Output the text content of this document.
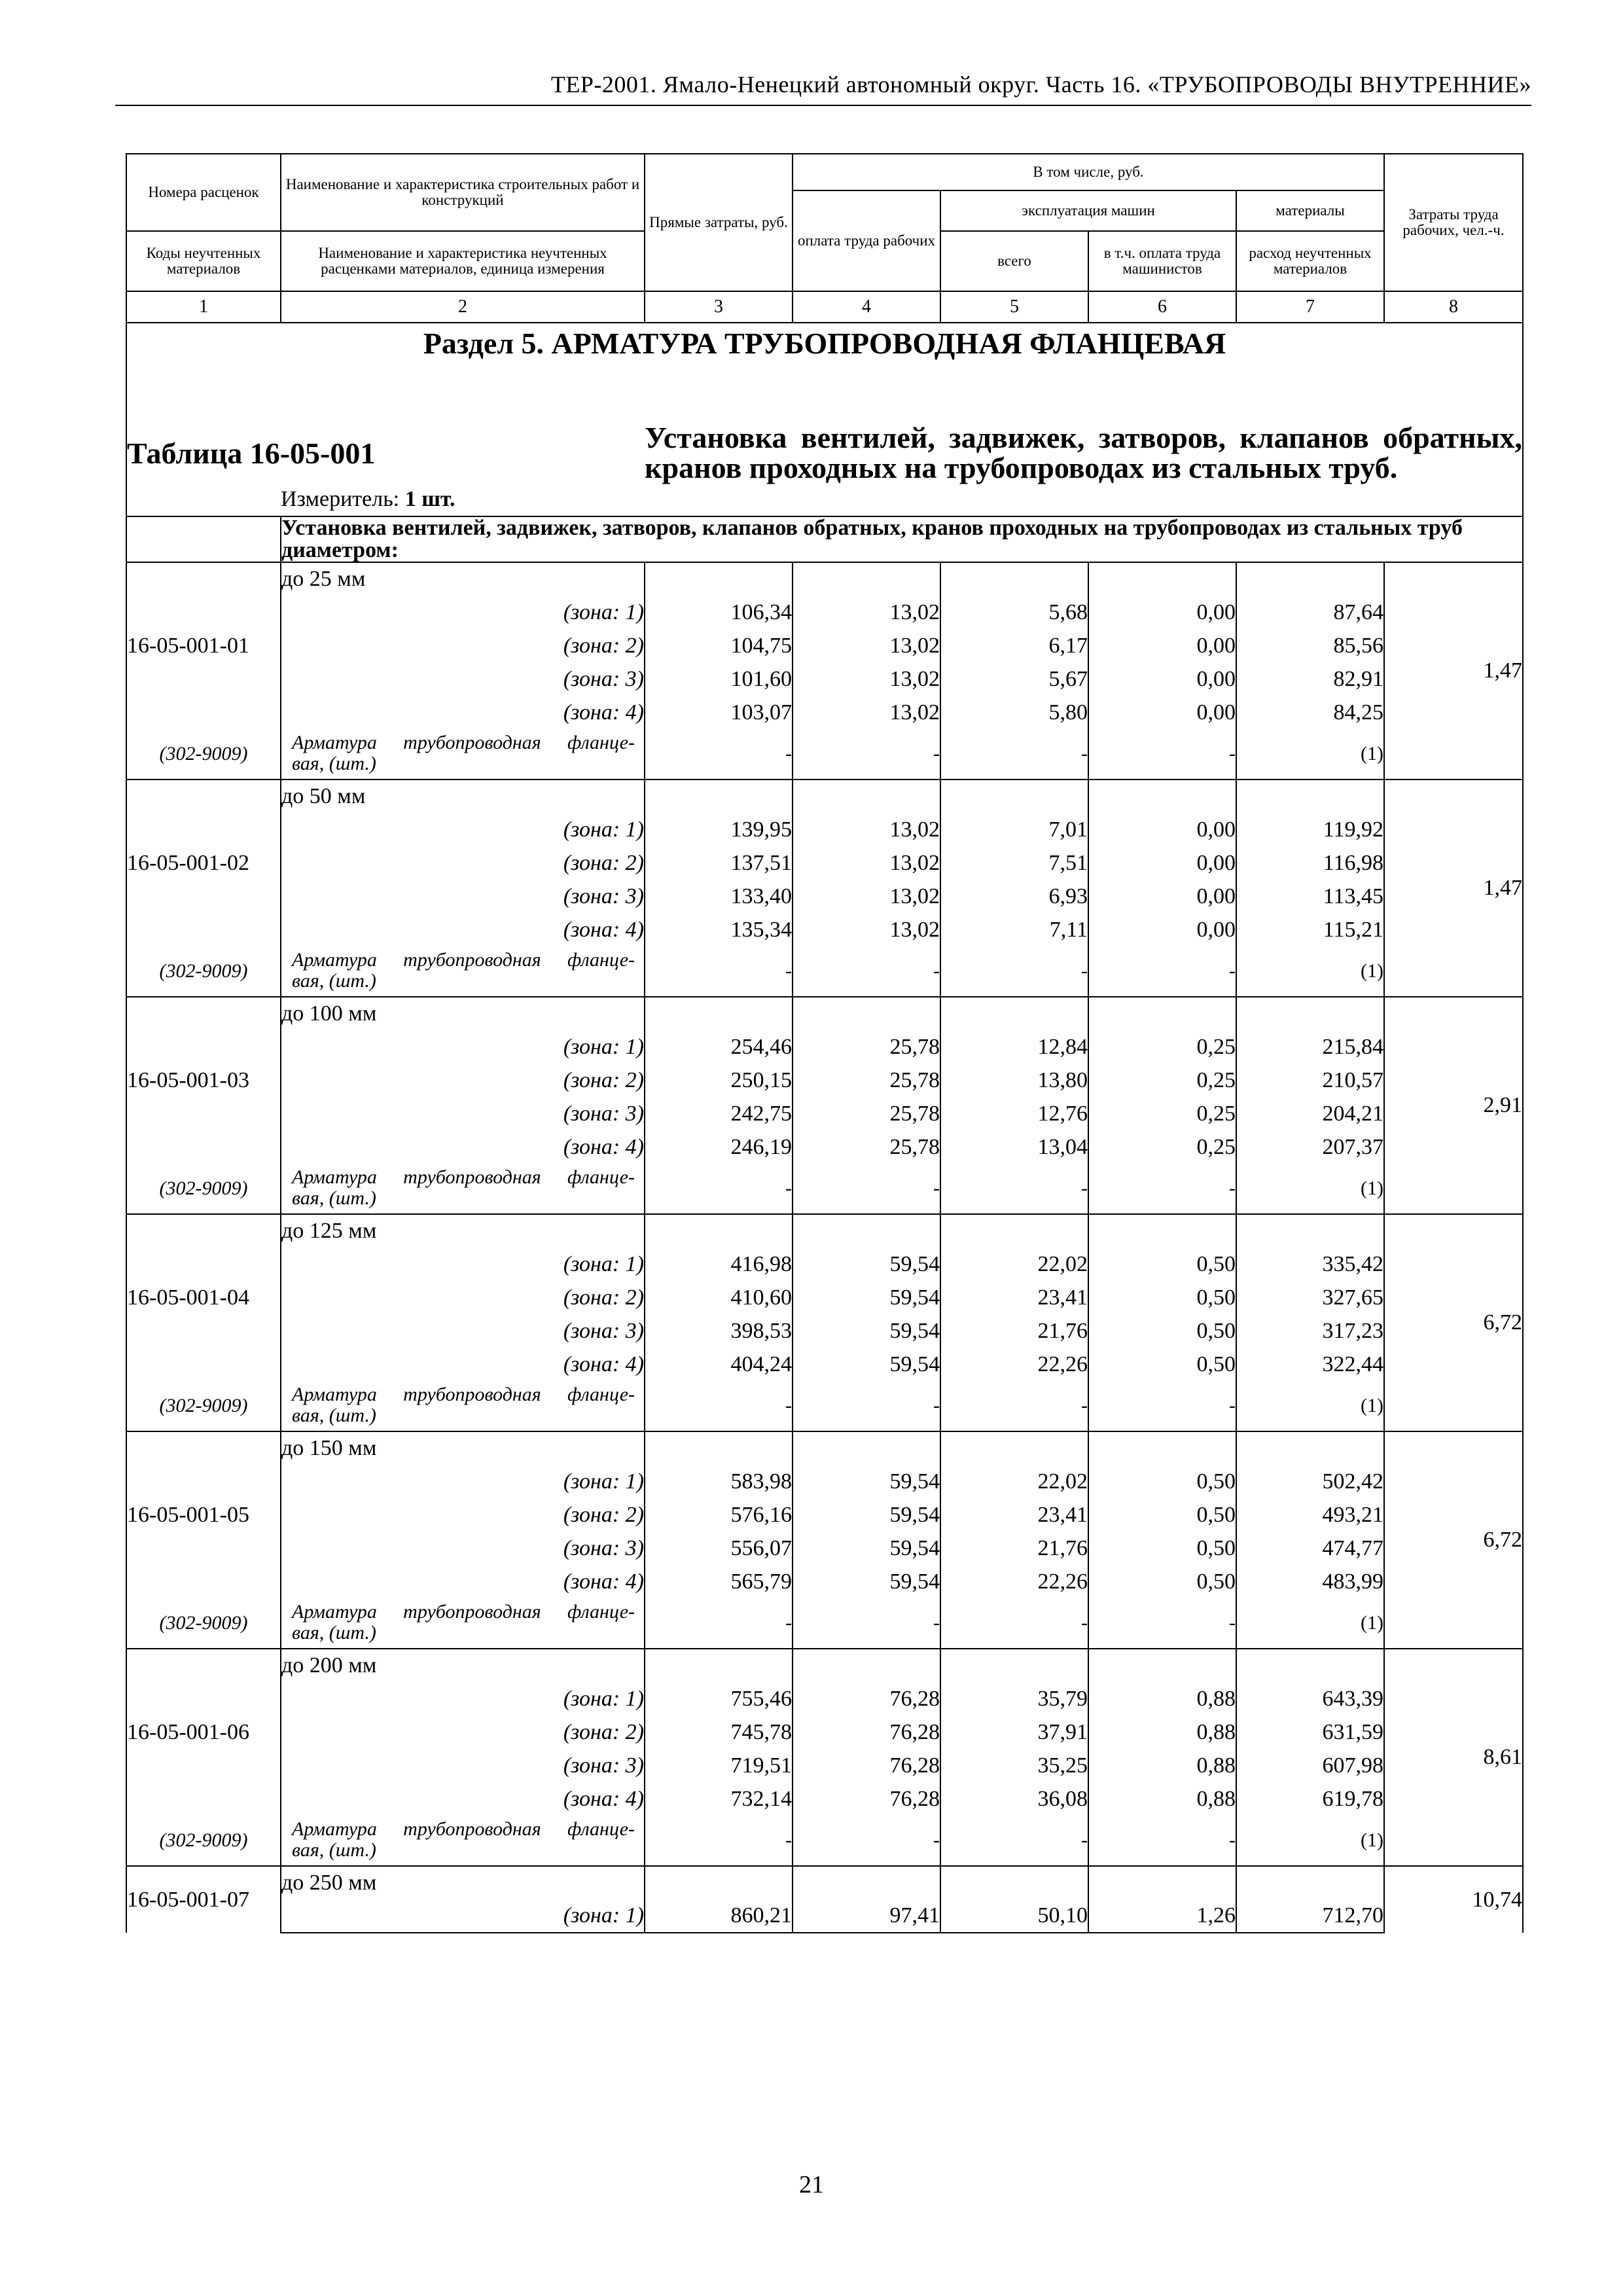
ТЕР-2001. Ямало-Ненецкий автономный округ. Часть 16. «ТРУБОПРОВОДЫ ВНУТРЕННИЕ»
Номера расценок	Наименование и характеристика строительных работ и конструкций	Прямые затраты, руб.	В том числе, руб.				Затраты труда рабочих, чел.-ч.
			оплата труда рабочих	эксплуатация машин		материалы	
Коды неучтенных материалов	Наименование и характеристика неучтенных расценками материалов, единица измерения			всего	в т.ч. оплата труда машинистов	расход неучтенных материалов	
1	2	3	4	5	6	7	8
Раздел 5. АРМАТУРА ТРУБОПРОВОДНАЯ ФЛАНЦЕВАЯ							

Таблица 16-05-001		Установка вентилей, задвижек, затворов, клапанов обратных, кранов проходных на трубопроводах из стальных труб.					
	Измеритель: 1 шт.						
	Установка вентилей, задвижек, затворов, клапанов обратных, кранов проходных на трубопроводах из стальных труб диаметром:						
16-05-001-01	до 25 мм						1,47
	(зона: 1)	106,34	13,02	5,68	0,00	87,64	
	(зона: 2)	104,75	13,02	6,17	0,00	85,56	
	(зона: 3)	101,60	13,02	5,67	0,00	82,91	
	(зона: 4)	103,07	13,02	5,80	0,00	84,25	
(302-9009)	Арматура трубопроводная фланце-
вая, (шт.)	-	-	-	-	(1)	
16-05-001-02	до 50 мм						1,47
	(зона: 1)	139,95	13,02	7,01	0,00	119,92	
	(зона: 2)	137,51	13,02	7,51	0,00	116,98	
	(зона: 3)	133,40	13,02	6,93	0,00	113,45	
	(зона: 4)	135,34	13,02	7,11	0,00	115,21	
(302-9009)	Арматура трубопроводная фланце-
вая, (шт.)	-	-	-	-	(1)	
16-05-001-03	до 100 мм						2,91
	(зона: 1)	254,46	25,78	12,84	0,25	215,84	
	(зона: 2)	250,15	25,78	13,80	0,25	210,57	
	(зона: 3)	242,75	25,78	12,76	0,25	204,21	
	(зона: 4)	246,19	25,78	13,04	0,25	207,37	
(302-9009)	Арматура трубопроводная фланце-
вая, (шт.)	-	-	-	-	(1)	
16-05-001-04	до 125 мм						6,72
	(зона: 1)	416,98	59,54	22,02	0,50	335,42	
	(зона: 2)	410,60	59,54	23,41	0,50	327,65	
	(зона: 3)	398,53	59,54	21,76	0,50	317,23	
	(зона: 4)	404,24	59,54	22,26	0,50	322,44	
(302-9009)	Арматура трубопроводная фланце-
вая, (шт.)	-	-	-	-	(1)	
16-05-001-05	до 150 мм						6,72
	(зона: 1)	583,98	59,54	22,02	0,50	502,42	
	(зона: 2)	576,16	59,54	23,41	0,50	493,21	
	(зона: 3)	556,07	59,54	21,76	0,50	474,77	
	(зона: 4)	565,79	59,54	22,26	0,50	483,99	
(302-9009)	Арматура трубопроводная фланце-
вая, (шт.)	-	-	-	-	(1)	
16-05-001-06	до 200 мм						8,61
	(зона: 1)	755,46	76,28	35,79	0,88	643,39	
	(зона: 2)	745,78	76,28	37,91	0,88	631,59	
	(зона: 3)	719,51	76,28	35,25	0,88	607,98	
	(зона: 4)	732,14	76,28	36,08	0,88	619,78	
(302-9009)	Арматура трубопроводная фланце-
вая, (шт.)	-	-	-	-	(1)	
16-05-001-07	до 250 мм						10,74
	(зона: 1)	860,21	97,41	50,10	1,26	712,70	
21
